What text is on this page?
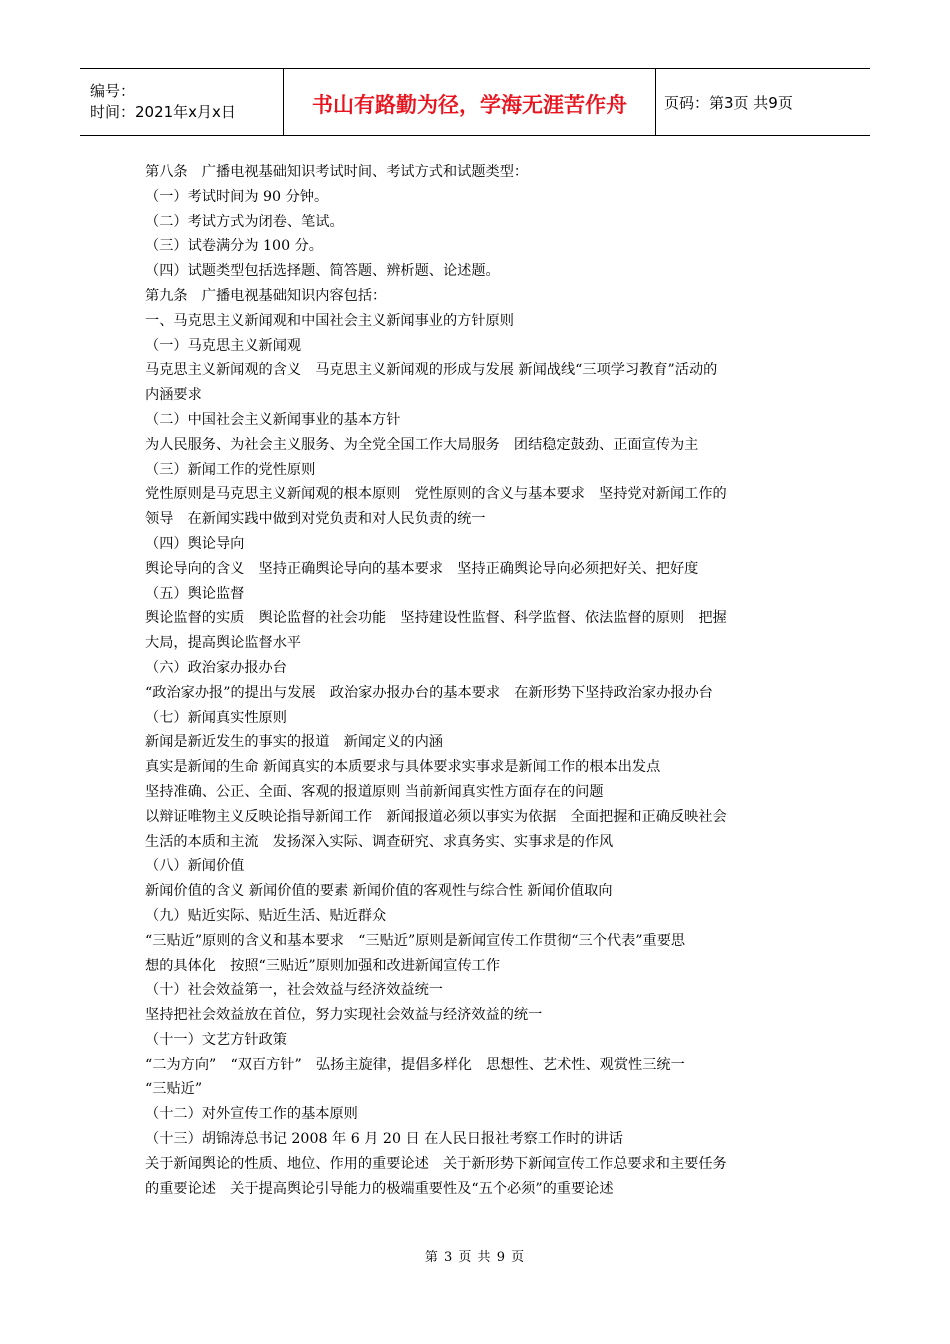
编号：
时间：2021年x月x日	书山有路勤为径，学海无涯苦作舟 页码：第3页 共9页

第八条　广播电视基础知识考试时间、考试方式和试题类型：

（一）考试时间为 90 分钟。

（二）考试方式为闭卷、笔试。

（三）试卷满分为 100 分。

（四）试题类型包括选择题、简答题、辨析题、论述题。

第九条　广播电视基础知识内容包括：

一、马克思主义新闻观和中国社会主义新闻事业的方针原则

（一）马克思主义新闻观

马克思主义新闻观的含义　马克思主义新闻观的形成与发展 新闻战线“三项学习教育”活动的

内涵要求

（二）中国社会主义新闻事业的基本方针

为人民服务、为社会主义服务、为全党全国工作大局服务　团结稳定鼓劲、正面宣传为主

（三）新闻工作的党性原则

党性原则是马克思主义新闻观的根本原则　党性原则的含义与基本要求　坚持党对新闻工作的

领导　在新闻实践中做到对党负责和对人民负责的统一

（四）舆论导向

舆论导向的含义　坚持正确舆论导向的基本要求　坚持正确舆论导向必须把好关、把好度

（五）舆论监督

舆论监督的实质　舆论监督的社会功能　坚持建设性监督、科学监督、依法监督的原则　把握

大局，提高舆论监督水平

（六）政治家办报办台

“政治家办报”的提出与发展　政治家办报办台的基本要求　在新形势下坚持政治家办报办台

（七）新闻真实性原则

新闻是新近发生的事实的报道　新闻定义的内涵

真实是新闻的生命 新闻真实的本质要求与具体要求实事求是新闻工作的根本出发点

坚持准确、公正、全面、客观的报道原则 当前新闻真实性方面存在的问题

以辩证唯物主义反映论指导新闻工作　新闻报道必须以事实为依据　全面把握和正确反映社会

生活的本质和主流　发扬深入实际、调查研究、求真务实、实事求是的作风

（八）新闻价值

新闻价值的含义 新闻价值的要素 新闻价值的客观性与综合性 新闻价值取向

（九）贴近实际、贴近生活、贴近群众

“三贴近”原则的含义和基本要求　“三贴近”原则是新闻宣传工作贯彻“三个代表”重要思

想的具体化　按照“三贴近”原则加强和改进新闻宣传工作

（十）社会效益第一，社会效益与经济效益统一

坚持把社会效益放在首位，努力实现社会效益与经济效益的统一

（十一）文艺方针政策

“二为方向”　“双百方针”　弘扬主旋律，提倡多样化　思想性、艺术性、观赏性三统一

“三贴近”

（十二）对外宣传工作的基本原则

（十三）胡锦涛总书记 2008 年 6 月 20 日 在人民日报社考察工作时的讲话

关于新闻舆论的性质、地位、作用的重要论述　关于新形势下新闻宣传工作总要求和主要任务

的重要论述　关于提高舆论引导能力的极端重要性及“五个必须”的重要论述

第 3 页 共 9 页
